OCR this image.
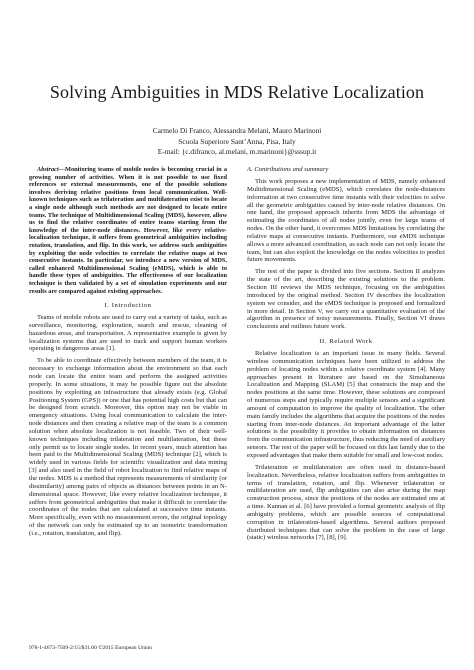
Solving Ambiguities in MDS Relative Localization
Carmelo Di Franco, Alessandra Melani, Mauro Marinoni
Scuola Superiore Sant’Anna, Pisa, Italy
E-mail: {c.difranco, al.melani, m.marinoni}@sssup.it

Abstract—Monitoring teams of mobile nodes is becoming crucial in a growing number of activities. When it is not possible to use fixed references or external measurements, one of the possible solutions involves deriving relative positions from local communication. Well-known techniques such as trilateration and multilateration exist to locate a single node although such methods are not designed to locate entire teams. The technique of Multidimensional Scaling (MDS), however, allow us to find the relative coordinates of entire teams starting from the knowledge of the inter-node distances. However, like every relative-localization technique, it suffers from geometrical ambiguities including rotation, translation, and flip. In this work, we address such ambiguities by exploiting the node velocities to correlate the relative maps at two consecutive instants. In particular, we introduce a new version of MDS, called enhanced Multidimensional Scaling (eMDS), which is able to handle these types of ambiguities. The effectiveness of our localization technique is then validated by a set of simulation experiments and our results are compared against existing approaches.

I. Introduction

Teams of mobile robots are used to carry out a variety of tasks, such as surveillance, monitoring, exploration, search and rescue, cleaning of hazardous areas, and transportation. A representative example is given by localization systems that are used to track and support human workers operating in dangerous areas [1].

To be able to coordinate effectively between members of the team, it is necessary to exchange information about the environment so that each node can locate the entire team and perform the assigned activities properly. In some situations, it may be possible figure out the absolute positions by exploiting an infrastructure that already exists (e.g. Global Positioning System (GPS)) or one that has potential high costs but that can be designed from scratch. Moreover, this option may not be viable in emergency situations. Using local communication to calculate the inter-node distances and then creating a relative map of the team is a common solution when absolute localization is not feasible. Two of their well-known techniques including trilateration and multilateration, but these only permit us to locate single nodes. In recent years, much attention has been paid to the Multidimensional Scaling (MDS) technique [2], which is widely used in various fields for scientific visualization and data mining [3] and also used in the field of robot localization to find relative maps of the nodes. MDS is a method that represents measurements of similarity (or dissimilarity) among pairs of objects as distances between points in an N-dimensional space. However, like every relative localization technique, it suffers from geometrical ambiguities that make it difficult to correlate the coordinates of the nodes that are calculated at successive time instants. More specifically, even with no measurement errors, the original topology of the network can only be estimated up to an isometric transformation (i.e., rotation, translation, and flip).

A. Contributions and summary

This work proposes a new implementation of MDS, namely enhanced Multidimensional Scaling (eMDS), which correlates the node-distances information at two consecutive time instants with their velocities to solve all the geometric ambiguities caused by inter-node relative distances. On one hand, the proposed approach inherits from MDS the advantage of estimating the coordinates of all nodes jointly, even for large teams of nodes. On the other hand, it overcomes MDS limitations by correlating the relative maps at consecutive instants. Furthermore, our eMDS technique allows a more advanced coordination, as each node can not only locate the team, but can also exploit the knowledge on the nodes velocities to predict future movements.

The rest of the paper is divided into five sections. Section II analyzes the state of the art, describing the existing solutions to the problem. Section III reviews the MDS technique, focusing on the ambiguities introduced by the original method. Section IV describes the localization system we consider, and the eMDS technique is proposed and formalized in more detail. In Section V, we carry out a quantitative evaluation of the algorithm in presence of noisy measurements. Finally, Section VI draws conclusions and outlines future work.

II. Related Work

Relative localization is an important issue in many fields. Several wireless communication techniques have been utilized to address the problem of locating nodes within a relative coordinate system [4]. Many approaches present in literature are based on the Simultaneous Localization and Mapping (SLAM) [5] that constructs the map and the nodes positions at the same time. However, these solutions are composed of numerous steps and typically require multiple sensors and a significant amount of computation to improve the quality of localization. The other main family includes the algorithms that acquire the positions of the nodes starting from inter-node distances. An important advantage of the latter solutions is the possibility it provides to obtain information on distances from the communication infrastructure, thus reducing the need of auxiliary sensors. The rest of the paper will be focused on this last family due to the exposed advantages that make them suitable for small and low-cost nodes.

Trilateration or multilateration are often used in distance-based localization. Nevertheless, relative localization suffers from ambiguities in terms of translation, rotation, and flip. Whenever trilateration or multilateration are used, flip ambiguities can also arise during the map construction process, since the positions of the nodes are estimated one at a time. Kannan et al. [6] have provided a formal geometric analysis of flip ambiguity problems, which are possible sources of computational corruption in trilateration-based algorithms. Several authors proposed distributed techniques that can solve the problem in the case of large (static) wireless networks [7], [8], [9].

978-1-4673-7509-2/15/$31.00 ©2015 European Union
